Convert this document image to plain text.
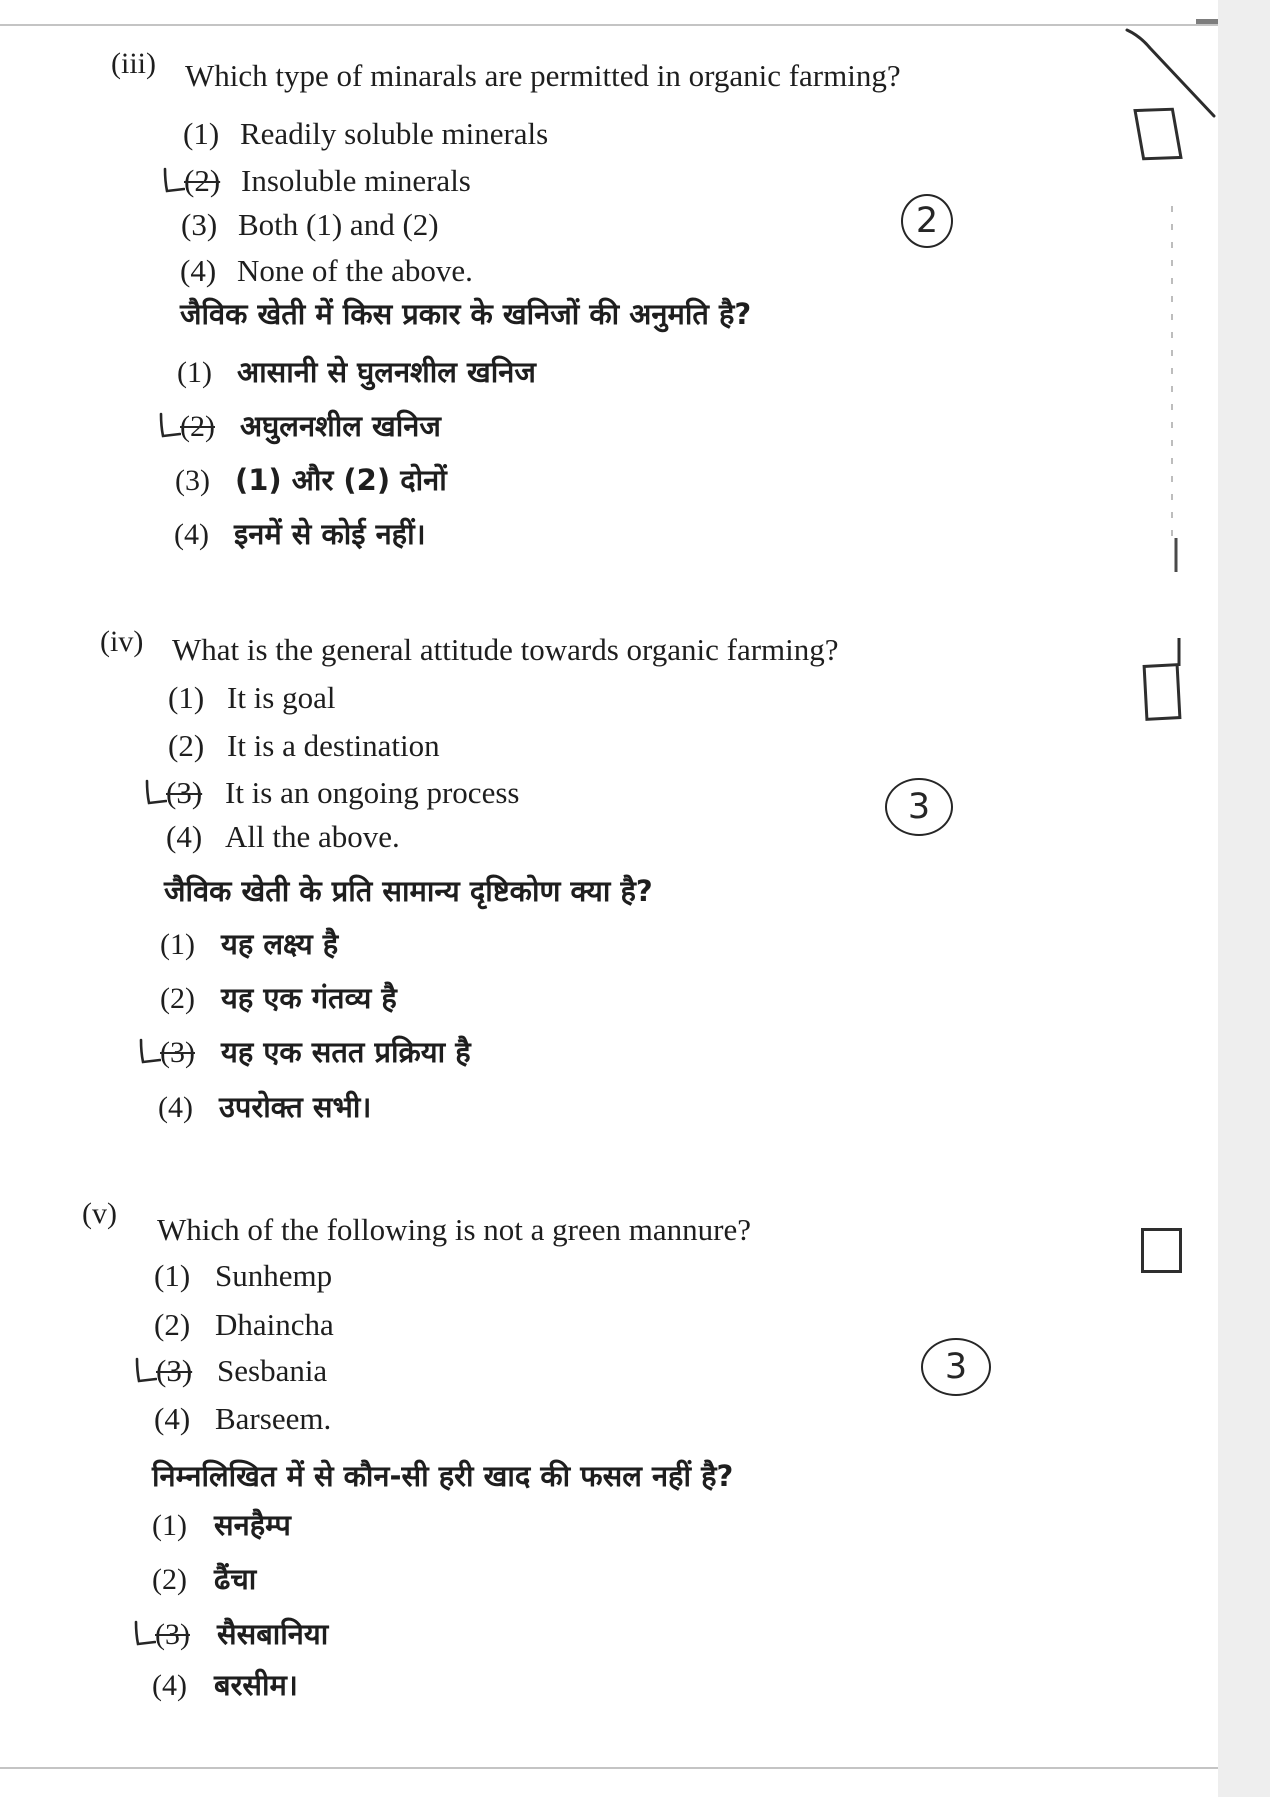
(iii) Which type of minarals are permitted in organic farming?
(1) Readily soluble minerals
(2) Insoluble minerals
(3) Both (1) and (2)
(4) None of the above.
जैविक खेती में किस प्रकार के खनिजों की अनुमति है?
(1) आसानी से घुलनशील खनिज
(2) अघुलनशील खनिज
(3) (1) और (2) दोनों
(4) इनमें से कोई नहीं।
2
(iv) What is the general attitude towards organic farming?
(1) It is goal
(2) It is a destination
(3) It is an ongoing process
(4) All the above.
जैविक खेती के प्रति सामान्य दृष्टिकोण क्या है?
(1) यह लक्ष्य है
(2) यह एक गंतव्य है
(3) यह एक सतत प्रक्रिया है
(4) उपरोक्त सभी।
3
(v) Which of the following is not a green mannure?
(1) Sunhemp
(2) Dhaincha
(3) Sesbania
(4) Barseem.
निम्नलिखित में से कौन-सी हरी खाद की फसल नहीं है?
(1) सनहैम्प
(2) ढैंचा
(3) सैसबानिया
(4) बरसीम।
3
